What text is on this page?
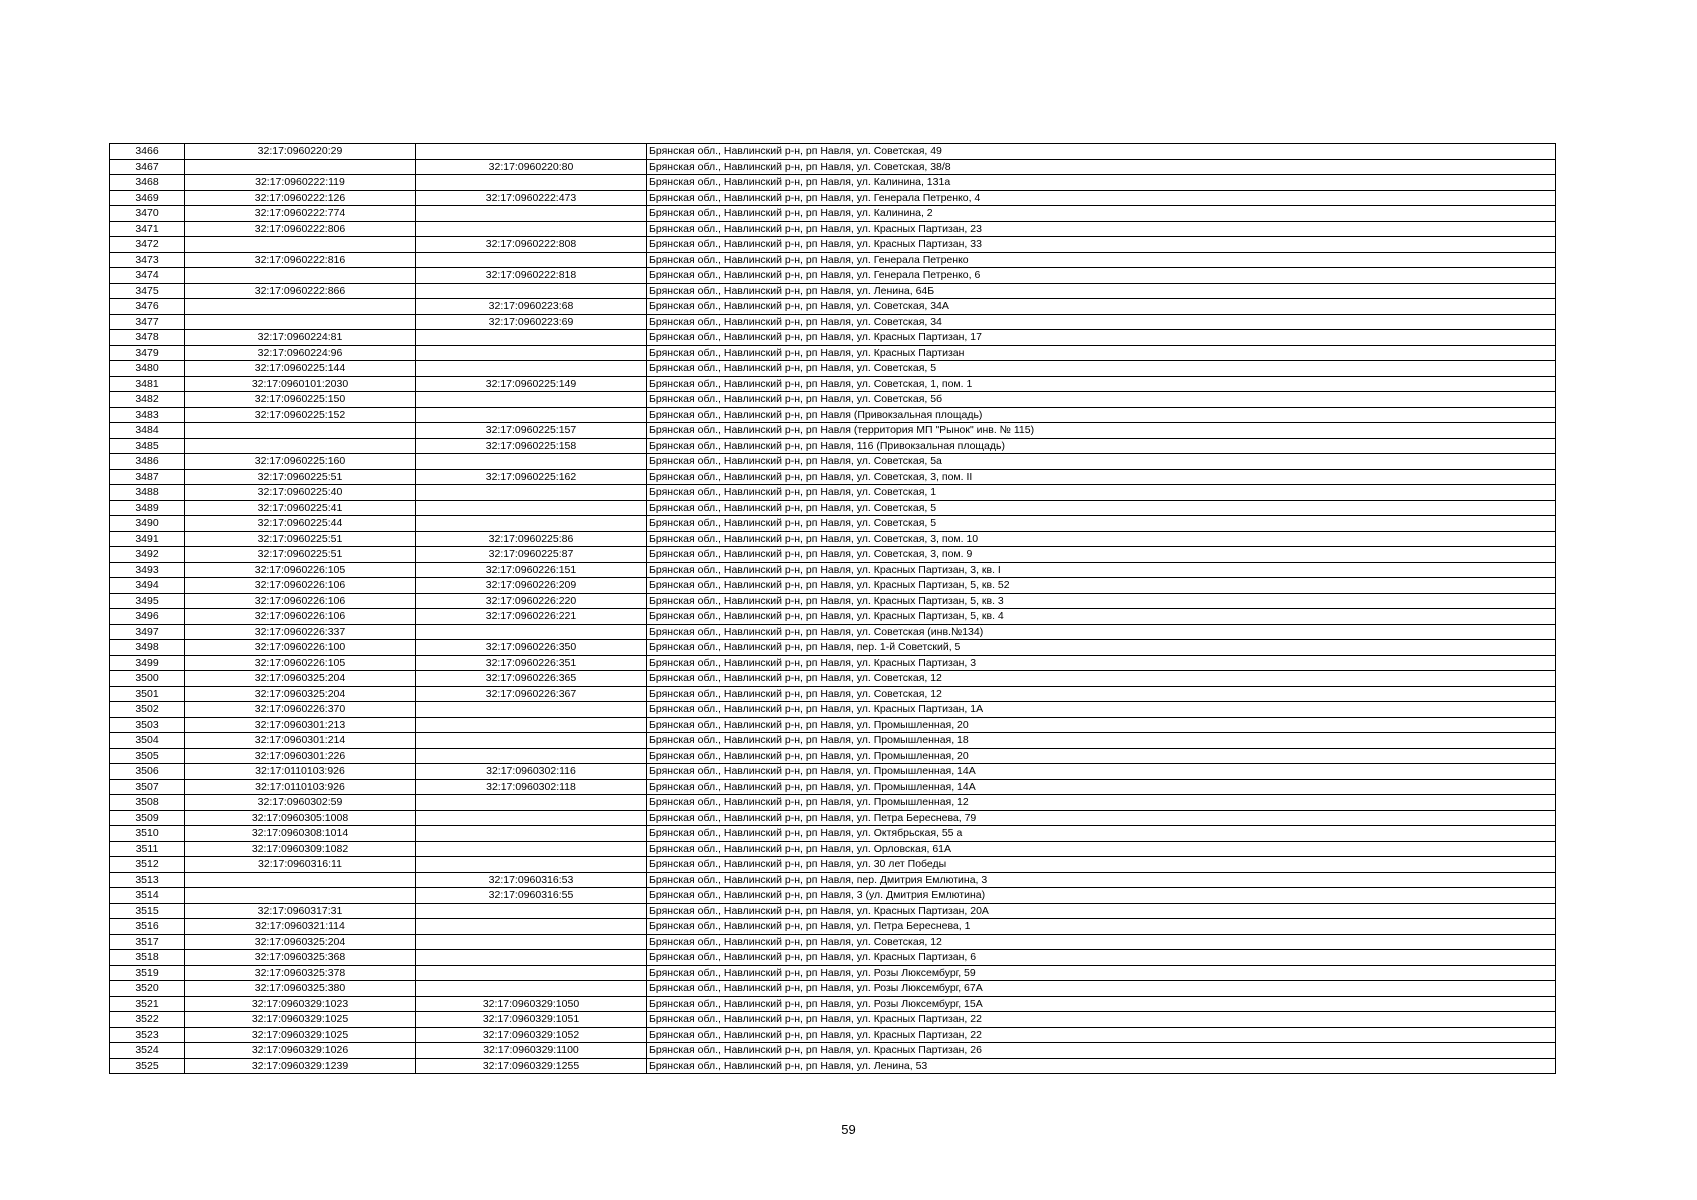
3466	32:17:0960220:29		Брянская обл., Навлинский р-н, рп Навля, ул. Советская, 49
3467		32:17:0960220:80	Брянская обл., Навлинский р-н, рп Навля, ул. Советская, 38/8
3468	32:17:0960222:119		Брянская обл., Навлинский р-н, рп Навля, ул. Калинина, 131а
3469	32:17:0960222:126	32:17:0960222:473	Брянская обл., Навлинский р-н, рп Навля, ул. Генерала Петренко, 4
3470	32:17:0960222:774		Брянская обл., Навлинский р-н, рп Навля, ул. Калинина, 2
3471	32:17:0960222:806		Брянская обл., Навлинский р-н, рп Навля, ул. Красных Партизан, 23
3472		32:17:0960222:808	Брянская обл., Навлинский р-н, рп Навля, ул. Красных Партизан, 33
3473	32:17:0960222:816		Брянская обл., Навлинский р-н, рп Навля, ул. Генерала Петренко
3474		32:17:0960222:818	Брянская обл., Навлинский р-н, рп Навля, ул. Генерала Петренко, 6
3475	32:17:0960222:866		Брянская обл., Навлинский р-н, рп Навля, ул. Ленина, 64Б
3476		32:17:0960223:68	Брянская обл., Навлинский р-н, рп Навля, ул. Советская, 34А
3477		32:17:0960223:69	Брянская обл., Навлинский р-н, рп Навля, ул. Советская, 34
3478	32:17:0960224:81		Брянская обл., Навлинский р-н, рп Навля, ул. Красных Партизан, 17
3479	32:17:0960224:96		Брянская обл., Навлинский р-н, рп Навля, ул. Красных Партизан
3480	32:17:0960225:144		Брянская обл., Навлинский р-н, рп Навля, ул. Советская, 5
3481	32:17:0960101:2030	32:17:0960225:149	Брянская обл., Навлинский р-н, рп Навля, ул. Советская, 1, пом. 1
3482	32:17:0960225:150		Брянская обл., Навлинский р-н, рп Навля, ул. Советская, 5б
3483	32:17:0960225:152		Брянская обл., Навлинский р-н, рп Навля (Привокзальная площадь)
3484		32:17:0960225:157	Брянская обл., Навлинский р-н, рп Навля (территория МП "Рынок" инв. № 115)
3485		32:17:0960225:158	Брянская обл., Навлинский р-н, рп Навля, 116 (Привокзальная площадь)
3486	32:17:0960225:160		Брянская обл., Навлинский р-н, рп Навля, ул. Советская, 5а
3487	32:17:0960225:51	32:17:0960225:162	Брянская обл., Навлинский р-н, рп Навля, ул. Советская, 3, пом. II
3488	32:17:0960225:40		Брянская обл., Навлинский р-н, рп Навля, ул. Советская, 1
3489	32:17:0960225:41		Брянская обл., Навлинский р-н, рп Навля, ул. Советская, 5
3490	32:17:0960225:44		Брянская обл., Навлинский р-н, рп Навля, ул. Советская, 5
3491	32:17:0960225:51	32:17:0960225:86	Брянская обл., Навлинский р-н, рп Навля, ул. Советская, 3, пом. 10
3492	32:17:0960225:51	32:17:0960225:87	Брянская обл., Навлинский р-н, рп Навля, ул. Советская, 3, пом. 9
3493	32:17:0960226:105	32:17:0960226:151	Брянская обл., Навлинский р-н, рп Навля, ул. Красных Партизан, 3, кв. I
3494	32:17:0960226:106	32:17:0960226:209	Брянская обл., Навлинский р-н, рп Навля, ул. Красных Партизан, 5, кв. 52
3495	32:17:0960226:106	32:17:0960226:220	Брянская обл., Навлинский р-н, рп Навля, ул. Красных Партизан, 5, кв. 3
3496	32:17:0960226:106	32:17:0960226:221	Брянская обл., Навлинский р-н, рп Навля, ул. Красных Партизан, 5, кв. 4
3497	32:17:0960226:337		Брянская обл., Навлинский р-н, рп Навля, ул. Советская (инв.№134)
3498	32:17:0960226:100	32:17:0960226:350	Брянская обл., Навлинский р-н, рп Навля, пер. 1-й Советский, 5
3499	32:17:0960226:105	32:17:0960226:351	Брянская обл., Навлинский р-н, рп Навля, ул. Красных Партизан, 3
3500	32:17:0960325:204	32:17:0960226:365	Брянская обл., Навлинский р-н, рп Навля, ул. Советская, 12
3501	32:17:0960325:204	32:17:0960226:367	Брянская обл., Навлинский р-н, рп Навля, ул. Советская, 12
3502	32:17:0960226:370		Брянская обл., Навлинский р-н, рп Навля, ул. Красных Партизан, 1А
3503	32:17:0960301:213		Брянская обл., Навлинский р-н, рп Навля, ул. Промышленная, 20
3504	32:17:0960301:214		Брянская обл., Навлинский р-н, рп Навля, ул. Промышленная, 18
3505	32:17:0960301:226		Брянская обл., Навлинский р-н, рп Навля, ул. Промышленная, 20
3506	32:17:0110103:926	32:17:0960302:116	Брянская обл., Навлинский р-н, рп Навля, ул. Промышленная, 14А
3507	32:17:0110103:926	32:17:0960302:118	Брянская обл., Навлинский р-н, рп Навля, ул. Промышленная, 14А
3508	32:17:0960302:59		Брянская обл., Навлинский р-н, рп Навля, ул. Промышленная, 12
3509	32:17:0960305:1008		Брянская обл., Навлинский р-н, рп Навля, ул. Петра Береснева, 79
3510	32:17:0960308:1014		Брянская обл., Навлинский р-н, рп Навля, ул. Октябрьская, 55 а
3511	32:17:0960309:1082		Брянская обл., Навлинский р-н, рп Навля, ул. Орловская, 61А
3512	32:17:0960316:11		Брянская обл., Навлинский р-н, рп Навля, ул. 30 лет Победы
3513		32:17:0960316:53	Брянская обл., Навлинский р-н, рп Навля, пер. Дмитрия Емлютина, 3
3514		32:17:0960316:55	Брянская обл., Навлинский р-н, рп Навля, 3 (ул. Дмитрия Емлютина)
3515	32:17:0960317:31		Брянская обл., Навлинский р-н, рп Навля, ул. Красных Партизан, 20А
3516	32:17:0960321:114		Брянская обл., Навлинский р-н, рп Навля, ул. Петра Береснева, 1
3517	32:17:0960325:204		Брянская обл., Навлинский р-н, рп Навля, ул. Советская, 12
3518	32:17:0960325:368		Брянская обл., Навлинский р-н, рп Навля, ул. Красных Партизан, 6
3519	32:17:0960325:378		Брянская обл., Навлинский р-н, рп Навля, ул. Розы Люксембург, 59
3520	32:17:0960325:380		Брянская обл., Навлинский р-н, рп Навля, ул. Розы Люксембург, 67А
3521	32:17:0960329:1023	32:17:0960329:1050	Брянская обл., Навлинский р-н, рп Навля, ул. Розы Люксембург, 15А
3522	32:17:0960329:1025	32:17:0960329:1051	Брянская обл., Навлинский р-н, рп Навля, ул. Красных Партизан, 22
3523	32:17:0960329:1025	32:17:0960329:1052	Брянская обл., Навлинский р-н, рп Навля, ул. Красных Партизан, 22
3524	32:17:0960329:1026	32:17:0960329:1100	Брянская обл., Навлинский р-н, рп Навля, ул. Красных Партизан, 26
3525	32:17:0960329:1239	32:17:0960329:1255	Брянская обл., Навлинский р-н, рп Навля, ул. Ленина, 53
59
